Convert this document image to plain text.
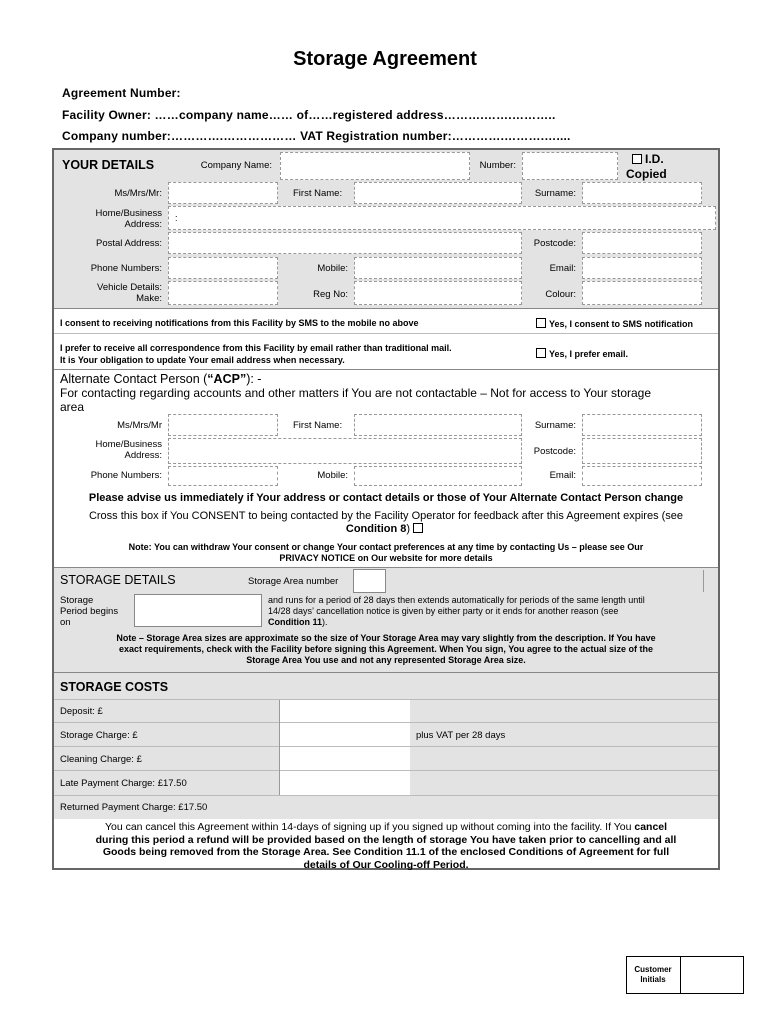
Storage Agreement
Agreement Number:
Facility Owner: ……company name…… of……registered address……….…….………..
Company number:………….……………… VAT Registration number:………….……….…....
YOUR DETAILS	Company Name:	Number:	I.D.
Copied
Ms/Mrs/Mr:	First Name:	Surname:
Home/Business
Address:
:
Postal Address:	Postcode:
Phone Numbers:	Mobile:	Email:
Vehicle Details:
Make:	Reg No:	Colour:
I consent to receiving notifications from this Facility by SMS to the mobile no above	Yes, I consent to SMS notification
I prefer to receive all correspondence from this Facility by email rather than traditional mail.
It is Your obligation to update Your email address when necessary.
Yes, I prefer email.
Alternate Contact Person (“ACP”): -
For contacting regarding accounts and other matters if You are not contactable – Not for access to Your storage
area
Ms/Mrs/Mr	First Name:	Surname:
Home/Business
Address:	Postcode:
Phone Numbers:	Mobile:	Email:
Please advise us immediately if Your address or contact details or those of Your Alternate Contact Person change
Cross this box if You CONSENT to being contacted by the Facility Operator for feedback after this Agreement expires (see
Condition 8)
Note: You can withdraw Your consent or change Your contact preferences at any time by contacting Us – please see Our
PRIVACY NOTICE on Our website for more details
STORAGE DETAILS	Storage Area number
Storage
Period begins
on
and runs for a period of 28 days then extends automatically for periods of the same length until
14/28 days’ cancellation notice is given by either party or it ends for another reason (see
Condition 11).
Note – Storage Area sizes are approximate so the size of Your Storage Area may vary slightly from the description. If You have
exact requirements, check with the Facility before signing this Agreement. When You sign, You agree to the actual size of the
Storage Area You use and not any represented Storage Area size.
STORAGE COSTS
Deposit: £
Storage Charge: £	plus VAT per 28 days
Cleaning Charge: £
Late Payment Charge: £17.50
Returned Payment Charge: £17.50
You can cancel this Agreement within 14-days of signing up if you signed up without coming into the facility. If You cancel
during this period a refund will be provided based on the length of storage You have taken prior to cancelling and all
Goods being removed from the Storage Area. See Condition 11.1 of the enclosed Conditions of Agreement for full
details of Our Cooling-off Period.
Customer
Initials
